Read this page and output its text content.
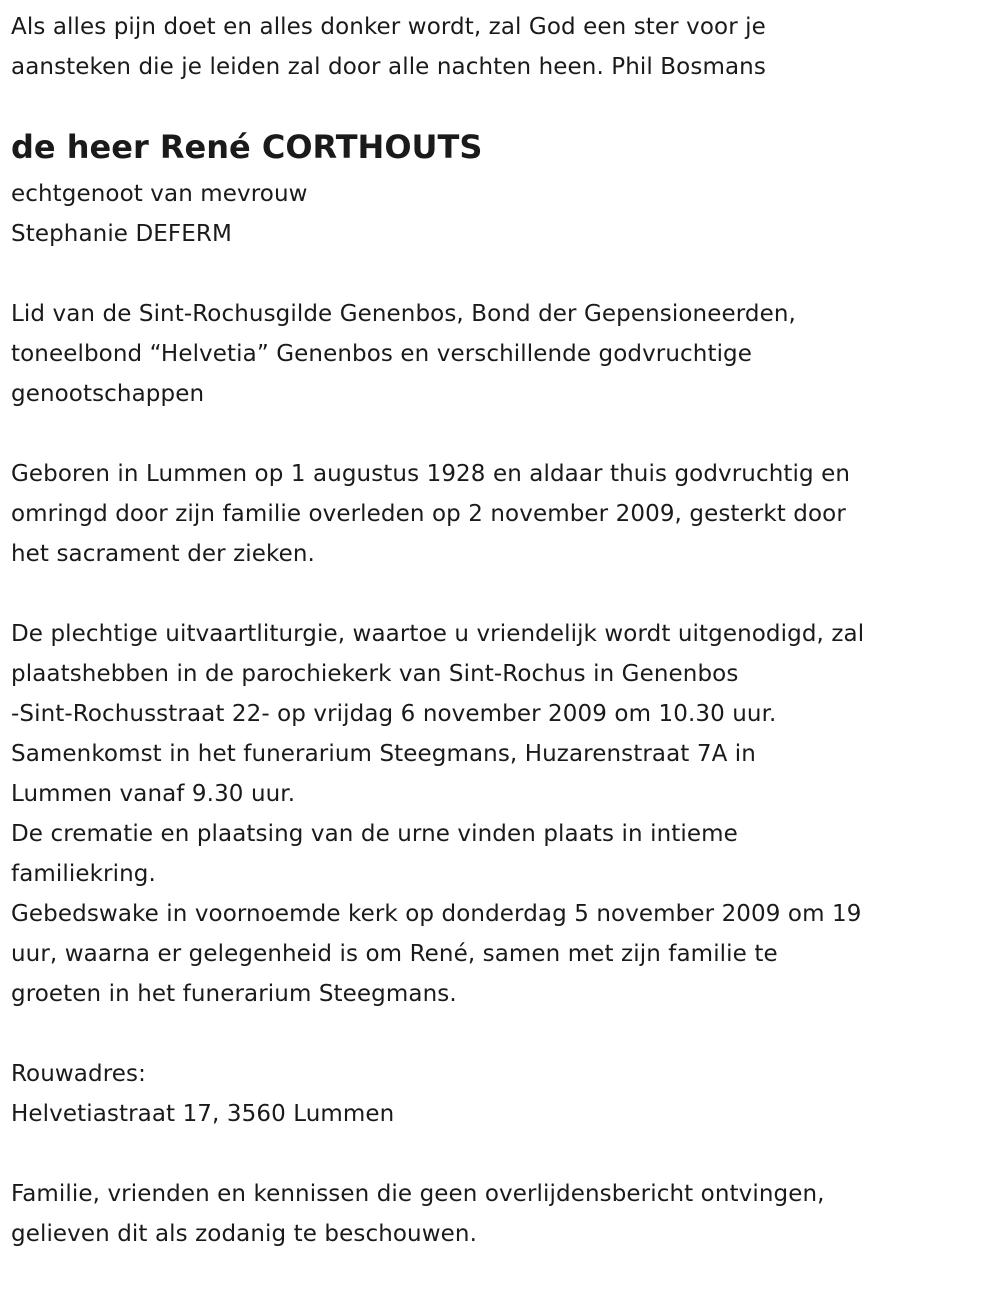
Als alles pijn doet en alles donker wordt, zal God een ster voor je
aansteken die je leiden zal door alle nachten heen. Phil Bosmans
de heer René CORTHOUTS
echtgenoot van mevrouw
Stephanie DEFERM
Lid van de Sint-Rochusgilde Genenbos, Bond der Gepensioneerden,
toneelbond “Helvetia” Genenbos en verschillende godvruchtige
genootschappen
Geboren in Lummen op 1 augustus 1928 en aldaar thuis godvruchtig en
omringd door zijn familie overleden op 2 november 2009, gesterkt door
het sacrament der zieken.
De plechtige uitvaartliturgie, waartoe u vriendelijk wordt uitgenodigd, zal
plaatshebben in de parochiekerk van Sint-Rochus in Genenbos
-Sint-Rochusstraat 22- op vrijdag 6 november 2009 om 10.30 uur.
Samenkomst in het funerarium Steegmans, Huzarenstraat 7A in
Lummen vanaf 9.30 uur.
De crematie en plaatsing van de urne vinden plaats in intieme
familiekring.
Gebedswake in voornoemde kerk op donderdag 5 november 2009 om 19
uur, waarna er gelegenheid is om René, samen met zijn familie te
groeten in het funerarium Steegmans.
Rouwadres:
Helvetiastraat 17, 3560 Lummen
Familie, vrienden en kennissen die geen overlijdensbericht ontvingen,
gelieven dit als zodanig te beschouwen.
